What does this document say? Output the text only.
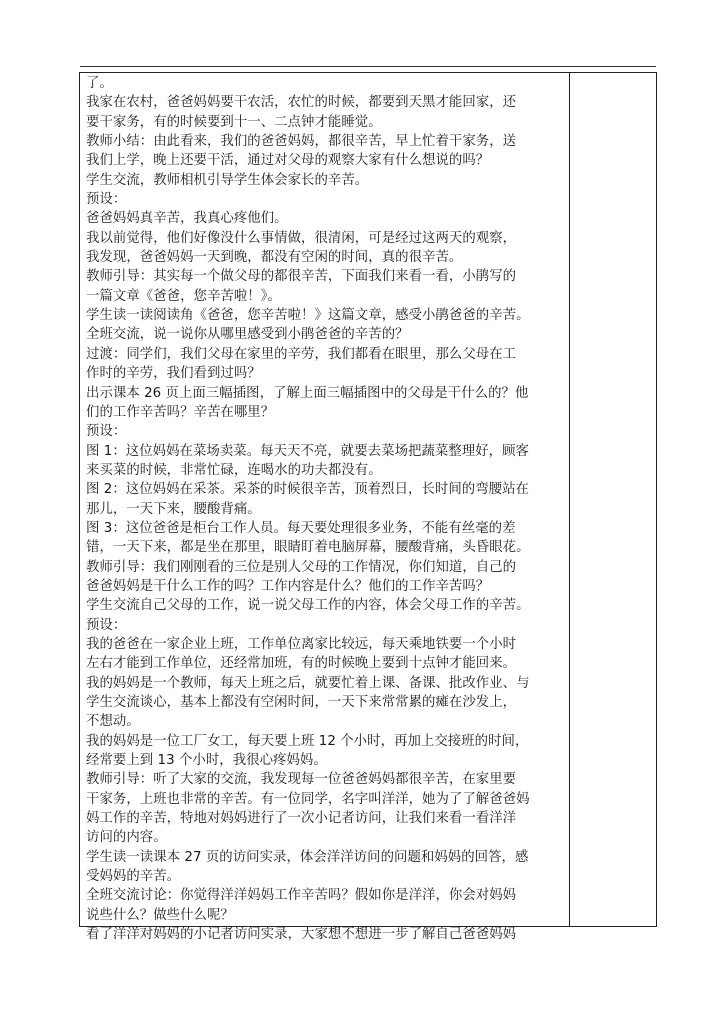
了。
我家在农村，爸爸妈妈要干农活，农忙的时候，都要到天黑才能回家，还
要干家务，有的时候要到十一、二点钟才能睡觉。
教师小结：由此看来，我们的爸爸妈妈，都很辛苦，早上忙着干家务，送
我们上学，晚上还要干活，通过对父母的观察大家有什么想说的吗？
学生交流，教师相机引导学生体会家长的辛苦。
预设：
爸爸妈妈真辛苦，我真心疼他们。
我以前觉得，他们好像没什么事情做，很清闲，可是经过这两天的观察，
我发现，爸爸妈妈一天到晚，都没有空闲的时间，真的很辛苦。
教师引导：其实每一个做父母的都很辛苦，下面我们来看一看，小鹃写的
一篇文章《爸爸，您辛苦啦！》。
学生读一读阅读角《爸爸，您辛苦啦！》这篇文章，感受小鹃爸爸的辛苦。
全班交流，说一说你从哪里感受到小鹃爸爸的辛苦的？
过渡：同学们，我们父母在家里的辛劳，我们都看在眼里，那么父母在工
作时的辛劳，我们看到过吗？
出示课本 26 页上面三幅插图，了解上面三幅插图中的父母是干什么的？他
们的工作辛苦吗？辛苦在哪里？
预设：
图 1：这位妈妈在菜场卖菜。每天天不亮，就要去菜场把蔬菜整理好，顾客
来买菜的时候，非常忙碌，连喝水的功夫都没有。
图 2：这位妈妈在采茶。采茶的时候很辛苦，顶着烈日，长时间的弯腰站在
那儿，一天下来，腰酸背痛。
图 3：这位爸爸是柜台工作人员。每天要处理很多业务，不能有丝毫的差
错，一天下来，都是坐在那里，眼睛盯着电脑屏幕，腰酸背痛，头昏眼花。
教师引导：我们刚刚看的三位是别人父母的工作情况，你们知道，自己的
爸爸妈妈是干什么工作的吗？工作内容是什么？他们的工作辛苦吗？
学生交流自己父母的工作，说一说父母工作的内容，体会父母工作的辛苦。
预设：
我的爸爸在一家企业上班，工作单位离家比较远，每天乘地铁要一个小时
左右才能到工作单位，还经常加班，有的时候晚上要到十点钟才能回来。
我的妈妈是一个教师，每天上班之后，就要忙着上课、备课、批改作业、与
学生交流谈心，基本上都没有空闲时间，一天下来常常累的瘫在沙发上，
不想动。
我的妈妈是一位工厂女工，每天要上班 12 个小时，再加上交接班的时间，
经常要上到 13 个小时，我很心疼妈妈。
教师引导：听了大家的交流，我发现每一位爸爸妈妈都很辛苦，在家里要
干家务，上班也非常的辛苦。有一位同学，名字叫洋洋，她为了了解爸爸妈
妈工作的辛苦，特地对妈妈进行了一次小记者访问，让我们来看一看洋洋
访问的内容。
学生读一读课本 27 页的访问实录，体会洋洋访问的问题和妈妈的回答，感
受妈妈的辛苦。
全班交流讨论：你觉得洋洋妈妈工作辛苦吗？假如你是洋洋，你会对妈妈
说些什么？做些什么呢？
看了洋洋对妈妈的小记者访问实录，大家想不想进一步了解自己爸爸妈妈
